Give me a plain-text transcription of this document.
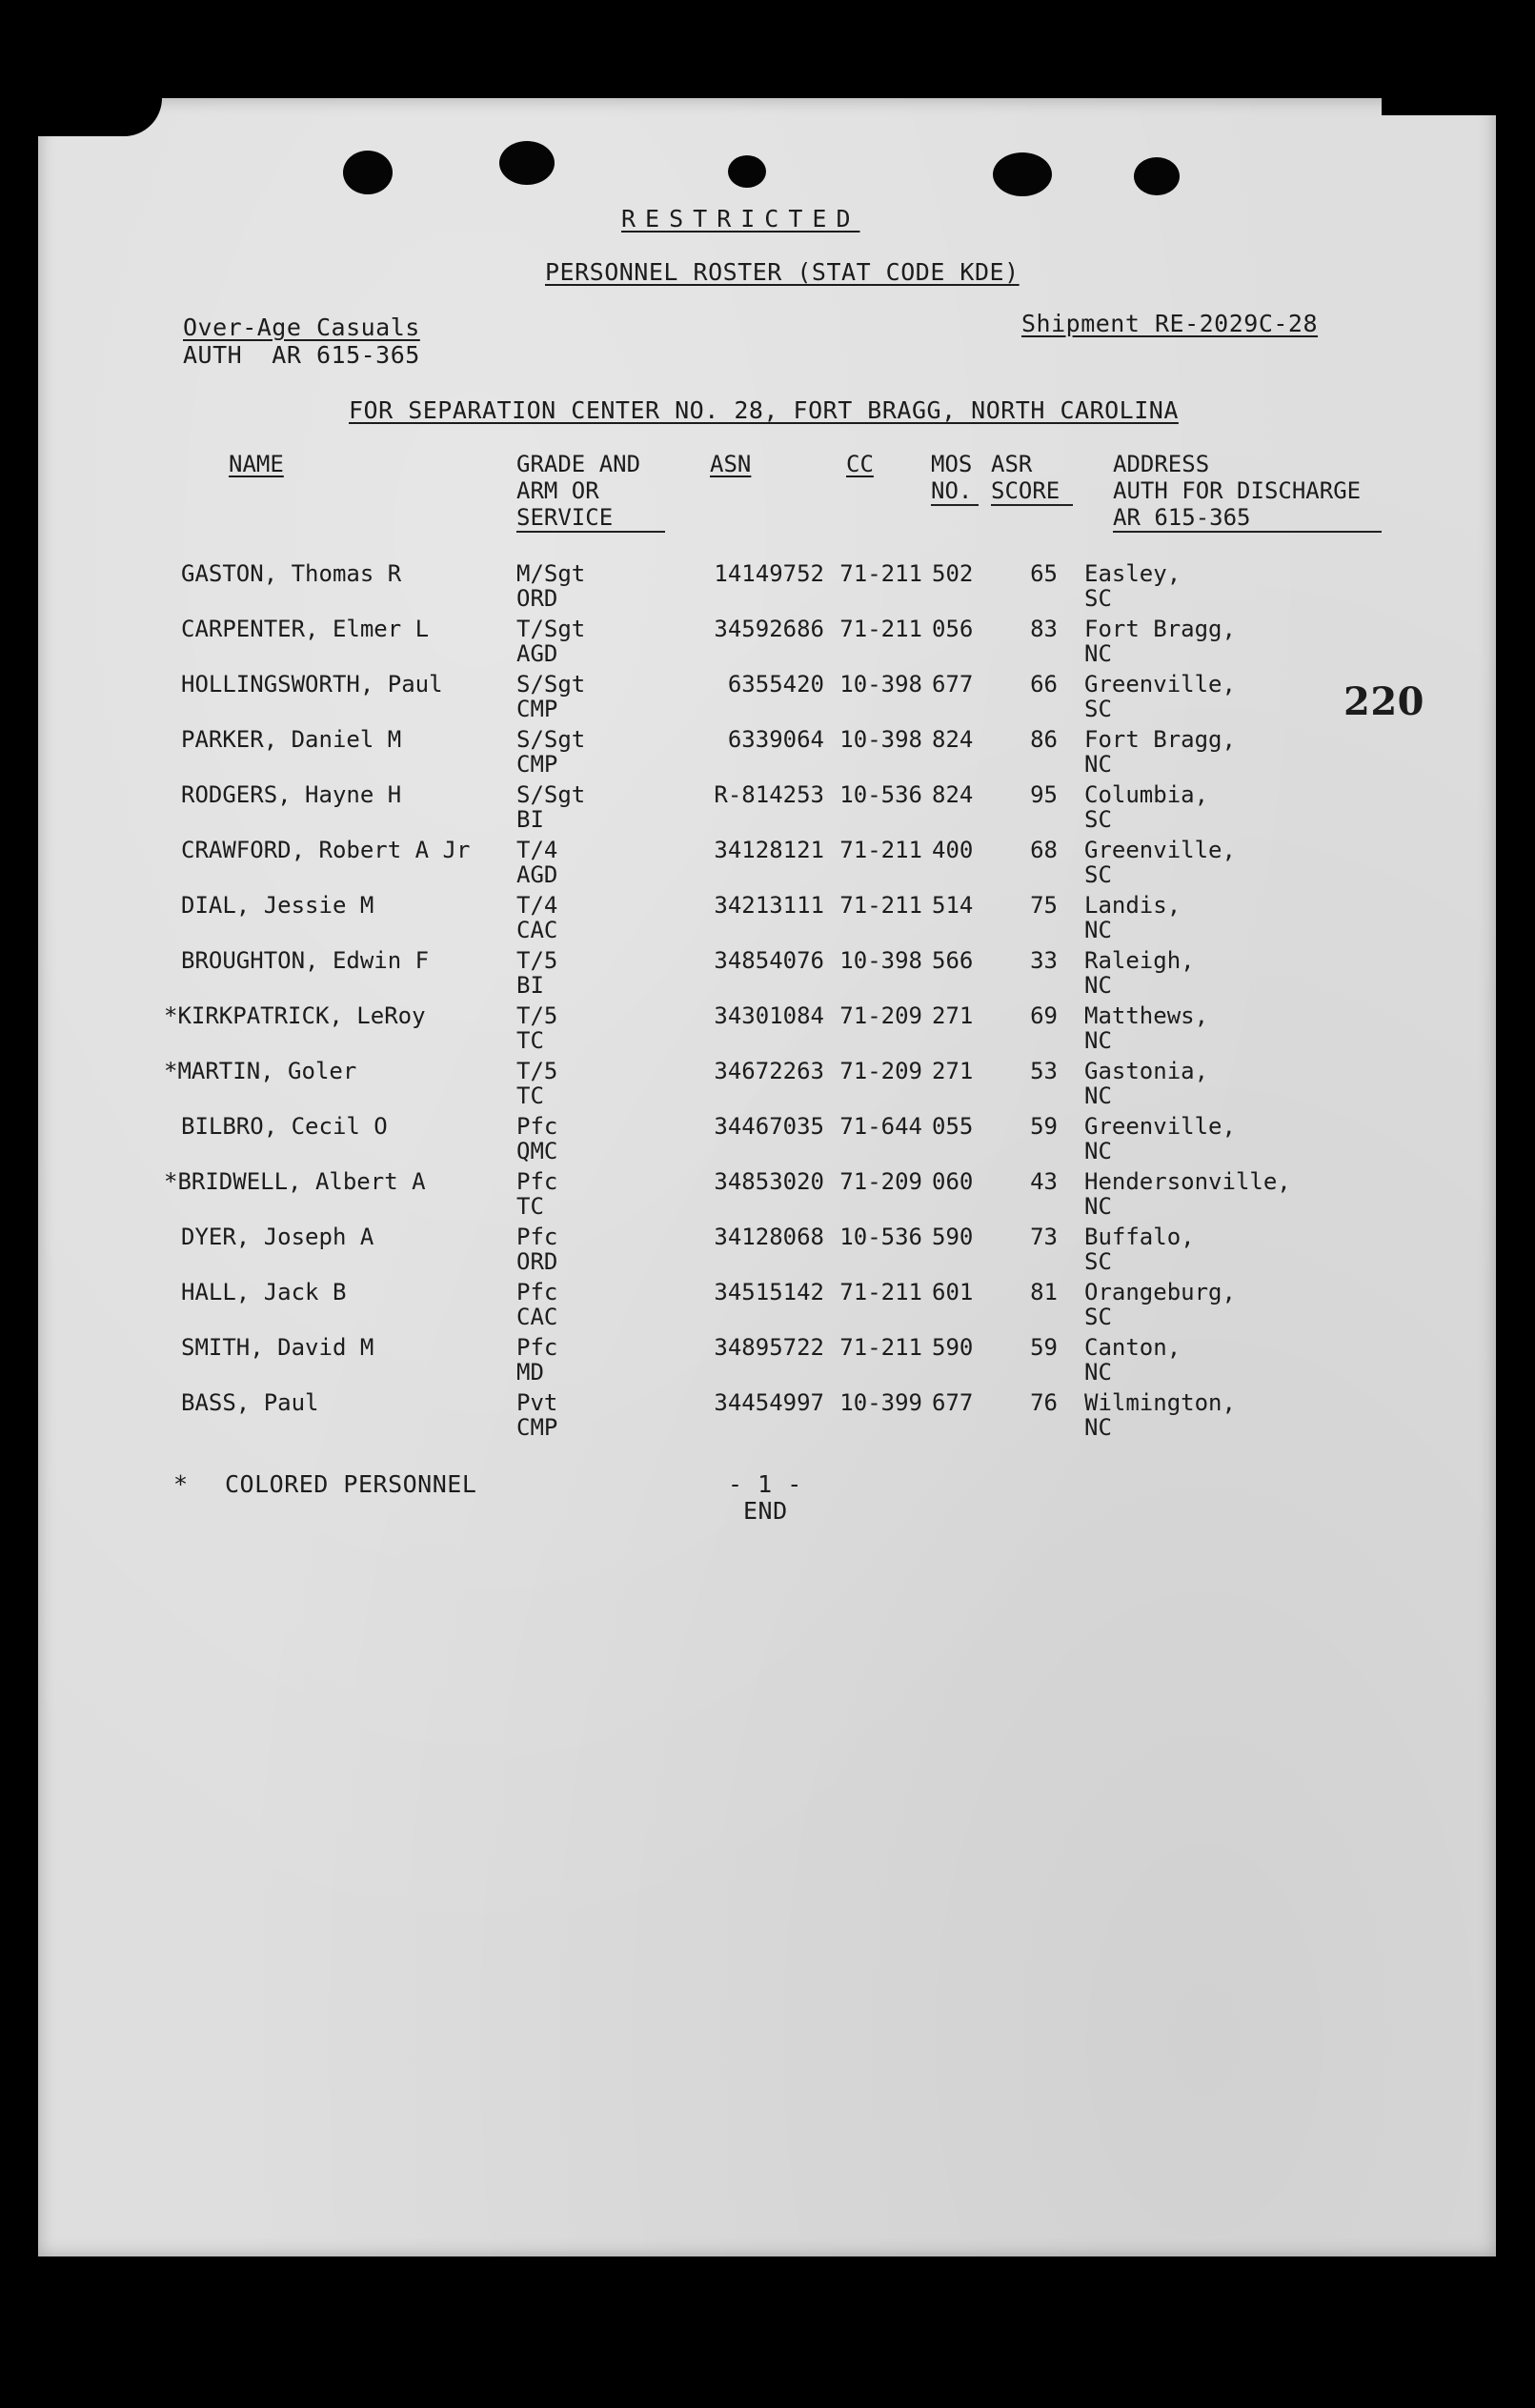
RESTRICTED
PERSONNEL ROSTER (STAT CODE KDE)
Over-Age Casuals
AUTH  AR 615-365
Shipment RE-2029C-28
FOR SEPARATION CENTER NO. 28, FORT BRAGG, NORTH CAROLINA
220
NAME	GRADE AND
ARM OR
SERVICE
ASN	CC	MOS
NO.
ASR
SCORE
ADDRESS
AUTH FOR DISCHARGE
AR 615-365
GASTON, Thomas R	M/Sgt	14149752 71-211 502	65 Easley,
ORD	SC
CARPENTER, Elmer L	T/Sgt	34592686 71-211 056	83 Fort Bragg,
AGD	NC
HOLLINGSWORTH, Paul	S/Sgt	6355420 10-398 677	66 Greenville,
CMP	SC
PARKER, Daniel M	S/Sgt	6339064 10-398 824	86 Fort Bragg,
CMP	NC
RODGERS, Hayne H	S/Sgt	R-814253 10-536 824	95 Columbia,
BI	SC
CRAWFORD, Robert A Jr	T/4	34128121 71-211 400	68 Greenville,
AGD	SC
DIAL, Jessie M	T/4	34213111 71-211 514	75 Landis,
CAC	NC
BROUGHTON, Edwin F	T/5	34854076 10-398 566	33 Raleigh,
BI	NC
*KIRKPATRICK, LeRoy	T/5	34301084 71-209 271	69 Matthews,
TC	NC
*MARTIN, Goler	T/5	34672263 71-209 271	53 Gastonia,
TC	NC
BILBRO, Cecil O	Pfc	34467035 71-644 055	59 Greenville,
QMC	NC
*BRIDWELL, Albert A	Pfc	34853020 71-209 060	43 Hendersonville,
TC	NC
DYER, Joseph A	Pfc	34128068 10-536 590	73 Buffalo,
ORD	SC
HALL, Jack B	Pfc	34515142 71-211 601	81 Orangeburg,
CAC	SC
SMITH, David M	Pfc	34895722 71-211 590	59 Canton,
MD	NC
BASS, Paul	Pvt	34454997 10-399 677	76 Wilmington,
CMP	NC
* COLORED PERSONNEL	- 1 -
END
